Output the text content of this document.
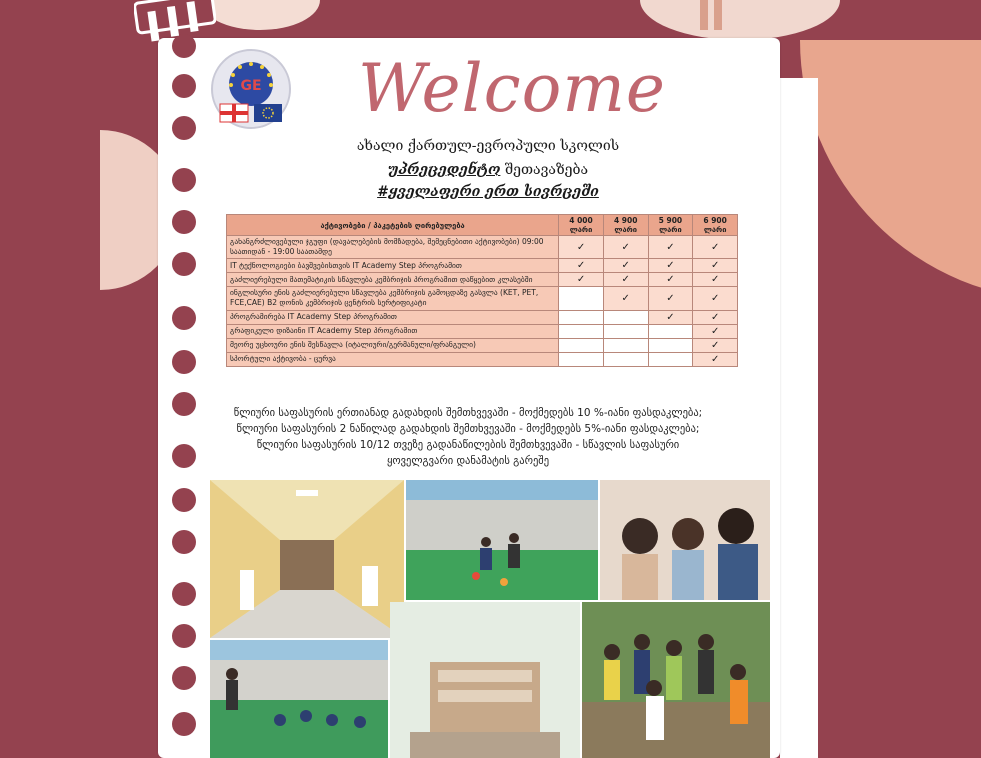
GE Welcome
ახალი ქართულ-ევროპული სკოლის
უპრეცედენტო შეთავაზება
#ყველაფერი ერთ სივრცეში
აქტივობები / პაკეტების ღირებულება	4 000 ლარი	4 900 ლარი	5 900 ლარი	6 900 ლარი
გახანგრძლივებული ჯგუფი (დავალებების მომზადება, შემეცნებითი აქტივობები) 09:00 საათიდან - 19:00 საათამდე	✓	✓	✓	✓
IT ტექნოლოგიები ბავშვებისთვის IT Academy Step პროგრამით	✓	✓	✓	✓
გაძლიერებული მათემატიკის სწავლება კემბრიჯის პროგრამით დაწყებით კლასებში	✓	✓	✓	✓
ინგლისური ენის გაძლიერებული სწავლება კემბრიჯის გამოცდაზე გასვლა (KET, PET, FCE,CAE) B2 დონის კემბრიჯის ცენტრის სერტიფიკატი		✓	✓	✓
პროგრამირება IT Academy Step პროგრამით			✓	✓
გრაფიკული დიზაინი IT Academy Step პროგრამით				✓
მეორე უცხოური ენის შესწავლა (იტალიური/გერმანული/ფრანგული)				✓
სპორტული აქტივობა - ცურვა				✓
წლიური საფასურის ერთიანად გადახდის შემთხვევაში - მოქმედებს 10 %-იანი ფასდაკლება;
წლიური საფასურის 2 ნაწილად გადახდის შემთხვევაში - მოქმედებს 5%-იანი ფასდაკლება;
წლიური საფასურის 10/12 თვეზე გადანაწილების შემთხვევაში - სწავლის საფასური
ყოველგვარი დანამატის გარეშე
